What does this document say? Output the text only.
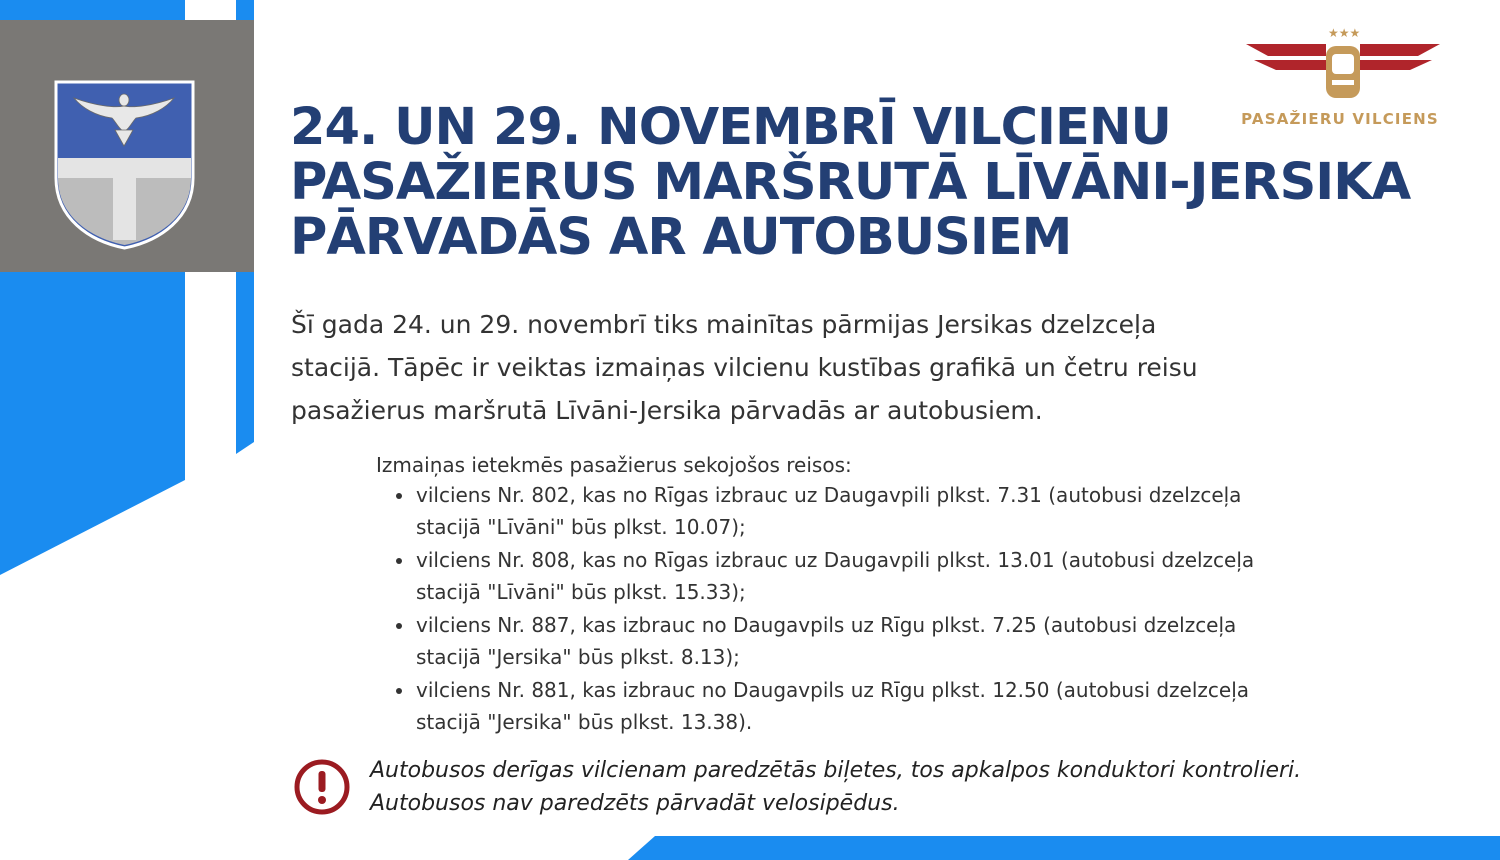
★★★
PASAŽIERU VILCIENS
24. UN 29. NOVEMBRĪ VILCIENU
PASAŽIERUS MARŠRUTĀ LĪVĀNI-JERSIKA
PĀRVADĀS AR AUTOBUSIEM

Šī gada 24. un 29. novembrī tiks mainītas pārmijas Jersikas dzelzceļa
stacijā. Tāpēc ir veiktas izmaiņas vilcienu kustības grafikā un četru reisu
pasažierus maršrutā Līvāni-Jersika pārvadās ar autobusiem.

Izmaiņas ietekmēs pasažierus sekojošos reisos:

vilciens Nr. 802, kas no Rīgas izbrauc uz Daugavpili plkst. 7.31 (autobusi dzelzceļa
stacijā "Līvāni" būs plkst. 10.07);
vilciens Nr. 808, kas no Rīgas izbrauc uz Daugavpili plkst. 13.01 (autobusi dzelzceļa
stacijā "Līvāni" būs plkst. 15.33);
vilciens Nr. 887, kas izbrauc no Daugavpils uz Rīgu plkst. 7.25 (autobusi dzelzceļa
stacijā "Jersika" būs plkst. 8.13);
vilciens Nr. 881, kas izbrauc no Daugavpils uz Rīgu plkst. 12.50 (autobusi dzelzceļa
stacijā "Jersika" būs plkst. 13.38).

Autobusos derīgas vilcienam paredzētās biļetes, tos apkalpos konduktori kontrolieri.
Autobusos nav paredzēts pārvadāt velosipēdus.
